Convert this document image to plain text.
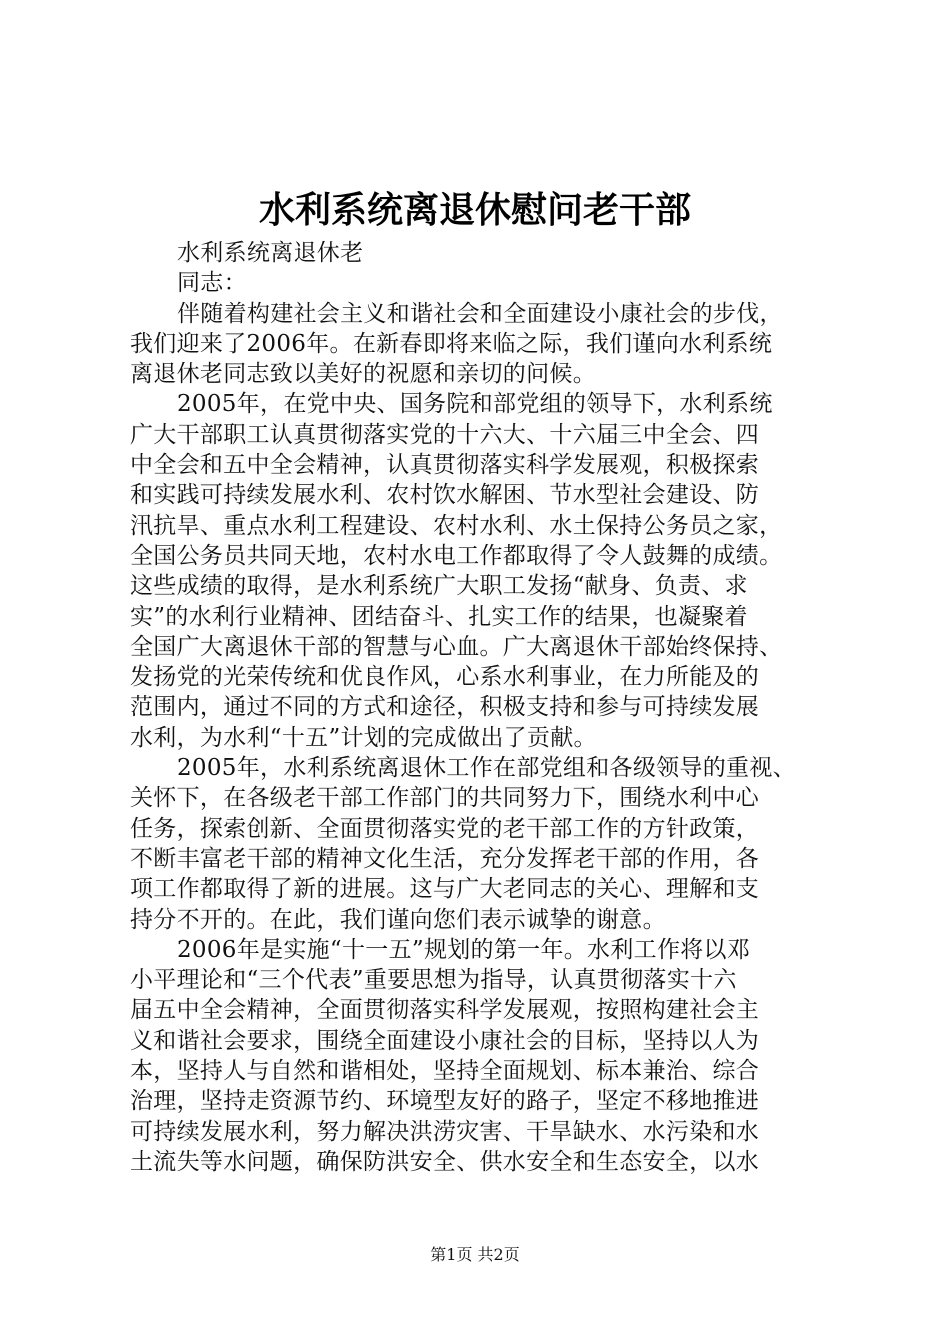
水利系统离退休慰问老干部
水利系统离退休老
同志：
伴随着构建社会主义和谐社会和全面建设小康社会的步伐，
我们迎来了2006年。在新春即将来临之际，我们谨向水利系统
离退休老同志致以美好的祝愿和亲切的问候。
2005年，在党中央、国务院和部党组的领导下，水利系统
广大干部职工认真贯彻落实党的十六大、十六届三中全会、四
中全会和五中全会精神，认真贯彻落实科学发展观，积极探索
和实践可持续发展水利、农村饮水解困、节水型社会建设、防
汛抗旱、重点水利工程建设、农村水利、水土保持公务员之家，
全国公务员共同天地，农村水电工作都取得了令人鼓舞的成绩。
这些成绩的取得，是水利系统广大职工发扬“献身、负责、求
实”的水利行业精神、团结奋斗、扎实工作的结果，也凝聚着
全国广大离退休干部的智慧与心血。广大离退休干部始终保持、
发扬党的光荣传统和优良作风，心系水利事业，在力所能及的
范围内，通过不同的方式和途径，积极支持和参与可持续发展
水利，为水利“十五”计划的完成做出了贡献。
2005年，水利系统离退休工作在部党组和各级领导的重视、
关怀下，在各级老干部工作部门的共同努力下，围绕水利中心
任务，探索创新、全面贯彻落实党的老干部工作的方针政策，
不断丰富老干部的精神文化生活，充分发挥老干部的作用，各
项工作都取得了新的进展。这与广大老同志的关心、理解和支
持分不开的。在此，我们谨向您们表示诚挚的谢意。
2006年是实施“十一五”规划的第一年。水利工作将以邓
小平理论和“三个代表”重要思想为指导，认真贯彻落实十六
届五中全会精神，全面贯彻落实科学发展观，按照构建社会主
义和谐社会要求，围绕全面建设小康社会的目标，坚持以人为
本，坚持人与自然和谐相处，坚持全面规划、标本兼治、综合
治理，坚持走资源节约、环境型友好的路子，坚定不移地推进
可持续发展水利，努力解决洪涝灾害、干旱缺水、水污染和水
土流失等水问题，确保防洪安全、供水安全和生态安全，以水
第1页 共2页
